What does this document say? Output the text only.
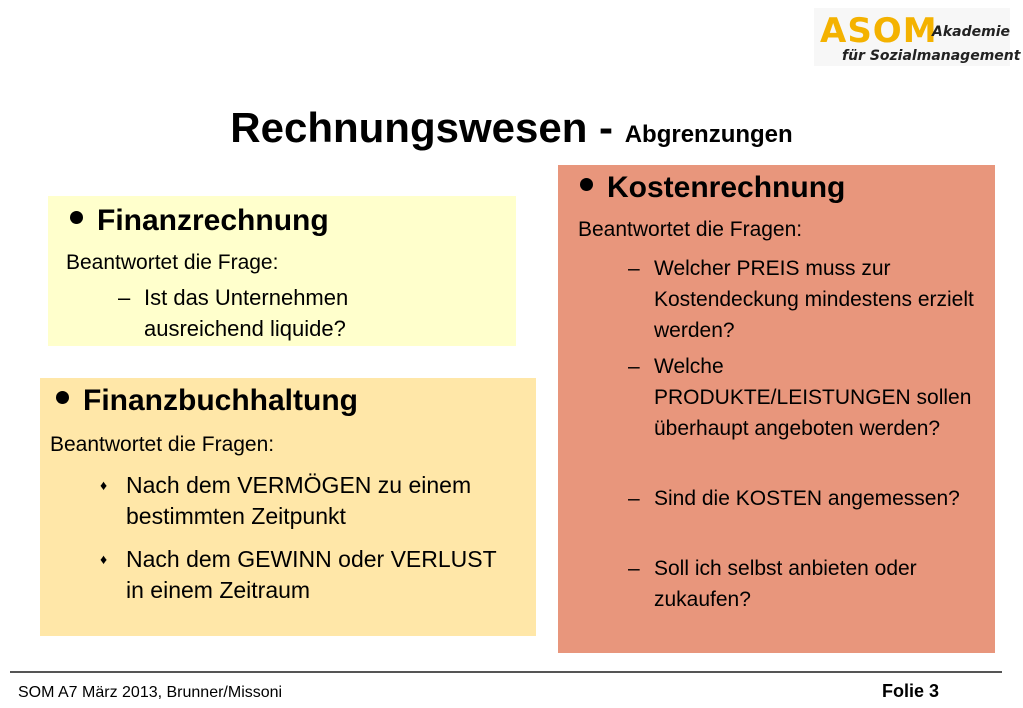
ASOM
Akademie
für Sozialmanagement
Rechnungswesen - Abgrenzungen
Finanzrechnung
Beantwortet die Frage:
– Ist das Unternehmen ausreichend liquide?
Finanzbuchhaltung
Beantwortet die Fragen:
♦ Nach dem VERMÖGEN zu einem bestimmten Zeitpunkt
♦ Nach dem GEWINN oder VERLUST in einem Zeitraum
Kostenrechnung
Beantwortet die Fragen:
– Welcher PREIS muss zur Kostendeckung mindestens erzielt werden?
– Welche PRODUKTE/LEISTUNGEN sollen überhaupt angeboten werden?
– Sind die KOSTEN angemessen?
– Soll ich selbst anbieten oder zukaufen?
SOM A7 März 2013, Brunner/Missoni	Folie 3
